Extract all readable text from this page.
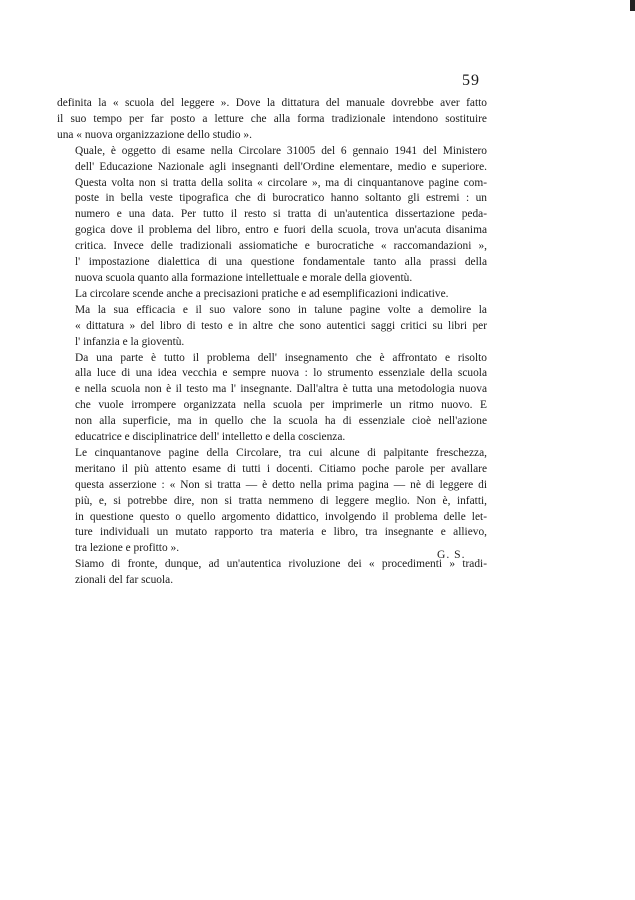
59

definita la « scuola del leggere ». Dove la dittatura del manuale dovrebbe aver fatto
il suo tempo per far posto a letture che alla forma tradizionale intendono sostituire
una « nuova organizzazione dello studio ».

Quale, è oggetto di esame nella Circolare 31005 del 6 gennaio 1941 del Ministero
dell' Educazione Nazionale agli insegnanti dell'Ordine elementare, medio e superiore.
Questa volta non si tratta della solita « circolare », ma di cinquantanove pagine com-
poste in bella veste tipografica che di burocratico hanno soltanto gli estremi : un
numero e una data. Per tutto il resto si tratta di un'autentica dissertazione peda-
gogica dove il problema del libro, entro e fuori della scuola, trova un'acuta disanima
critica. Invece delle tradizionali assiomatiche e burocratiche « raccomandazioni »,
l' impostazione dialettica di una questione fondamentale tanto alla prassi della
nuova scuola quanto alla formazione intellettuale e morale della gioventù.

La circolare scende anche a precisazioni pratiche e ad esemplificazioni indicative.

Ma la sua efficacia e il suo valore sono in talune pagine volte a demolire la
« dittatura » del libro di testo e in altre che sono autentici saggi critici su libri per
l' infanzia e la gioventù.

Da una parte è tutto il problema dell' insegnamento che è affrontato e risolto
alla luce di una idea vecchia e sempre nuova : lo strumento essenziale della scuola
e nella scuola non è il testo ma l' insegnante. Dall'altra è tutta una metodologia nuova
che vuole irrompere organizzata nella scuola per imprimerle un ritmo nuovo. E
non alla superficie, ma in quello che la scuola ha di essenziale cioè nell'azione
educatrice e disciplinatrice dell' intelletto e della coscienza.

Le cinquantanove pagine della Circolare, tra cui alcune di palpitante freschezza,
meritano il più attento esame di tutti i docenti. Citiamo poche parole per avallare
questa asserzione : « Non si tratta — è detto nella prima pagina — nè di leggere di
più, e, si potrebbe dire, non si tratta nemmeno di leggere meglio. Non è, infatti,
in questione questo o quello argomento didattico, involgendo il problema delle let-
ture individuali un mutato rapporto tra materia e libro, tra insegnante e allievo,
tra lezione e profitto ».

Siamo di fronte, dunque, ad un'autentica rivoluzione dei « procedimenti » tradi-
zionali del far scuola.

G. S.
